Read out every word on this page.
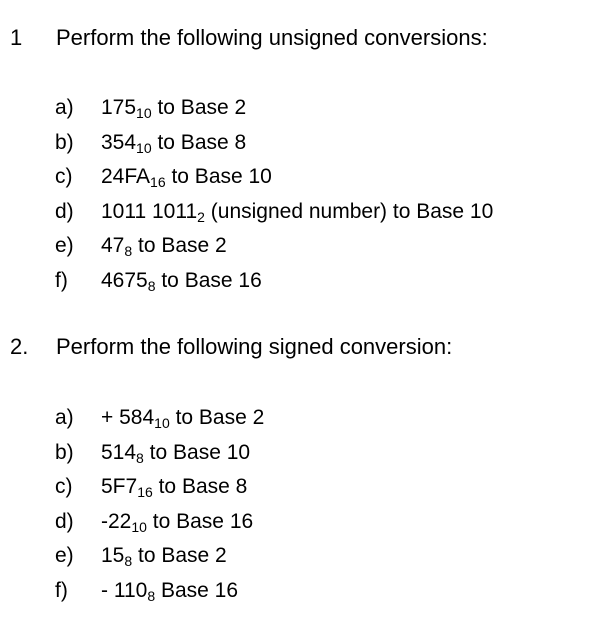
1 Perform the following unsigned conversions:
a) 17510 to Base 2
b) 35410 to Base 8
c) 24FA16 to Base 10
d) 1011 10112 (unsigned number) to Base 10
e) 478 to Base 2
f) 46758 to Base 16
2. Perform the following signed conversion:
a) + 58410 to Base 2
b) 5148 to Base 10
c) 5F716 to Base 8
d) -2210 to Base 16
e) 158 to Base 2
f) - 1108 Base 16
